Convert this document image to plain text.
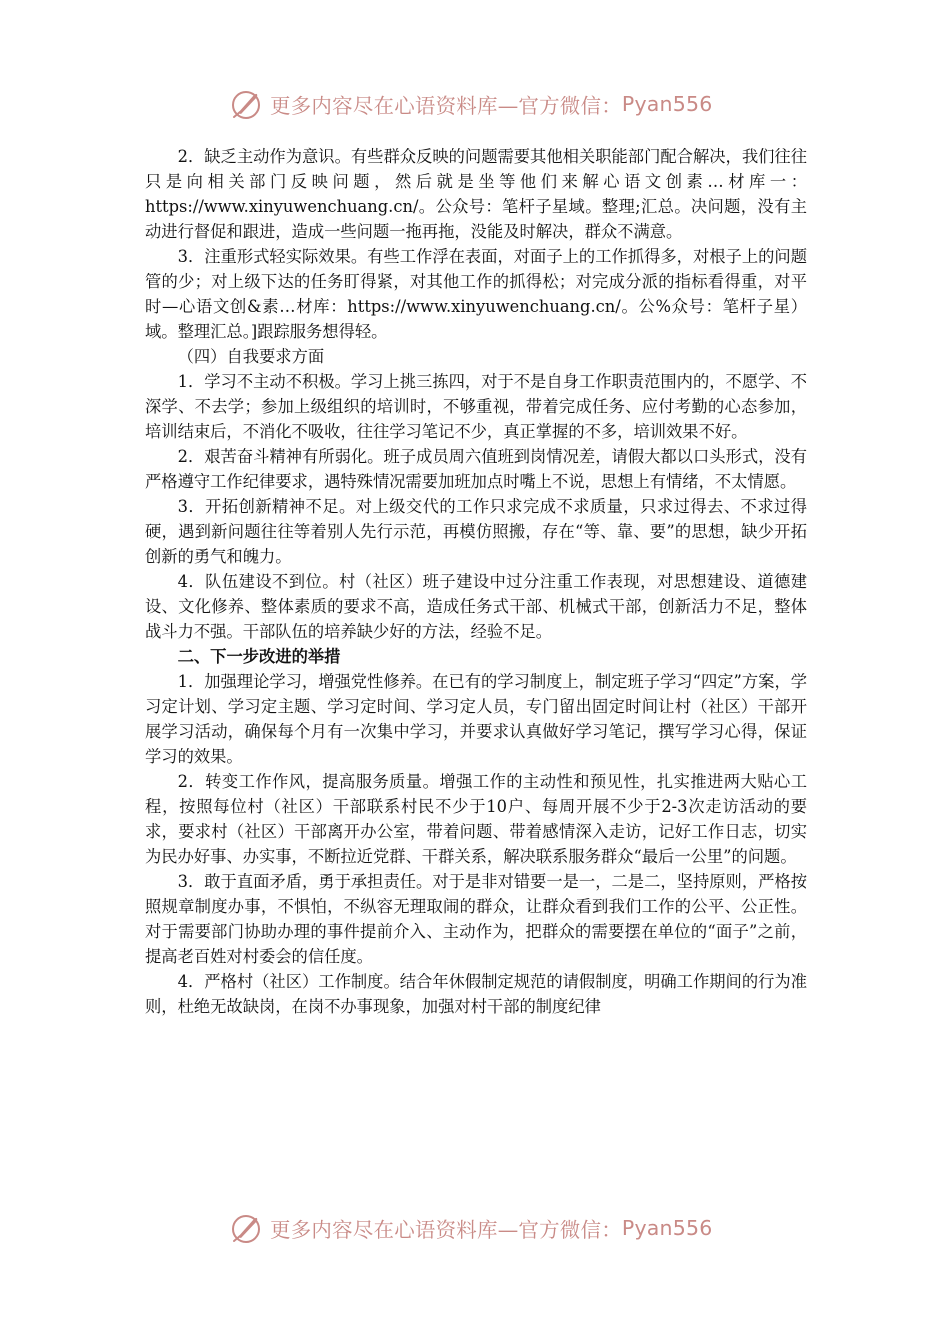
更多内容尽在心语资料库—官方微信： Pyan556

2．缺乏主动作为意识。有些群众反映的问题需要其他相关职能部门配合解决，我们往往只是向相关部门反映问题，然后就是坐等他们来解心语文创素…材库一：https://www.xinyuwenchuang.cn/。公众号：笔杆子星域。整理;汇总。决问题，没有主动进行督促和跟进，造成一些问题一拖再拖，没能及时解决，群众不满意。

3．注重形式轻实际效果。有些工作浮在表面，对面子上的工作抓得多，对根子上的问题管的少；对上级下达的任务盯得紧，对其他工作的抓得松；对完成分派的指标看得重，对平时—心语文创&素…材库：https://www.xinyuwenchuang.cn/。公%众号：笔杆子星）域。整理汇总。]跟踪服务想得轻。

（四）自我要求方面

1．学习不主动不积极。学习上挑三拣四，对于不是自身工作职责范围内的，不愿学、不深学、不去学；参加上级组织的培训时，不够重视，带着完成任务、应付考勤的心态参加，培训结束后，不消化不吸收，往往学习笔记不少，真正掌握的不多，培训效果不好。

2．艰苦奋斗精神有所弱化。班子成员周六值班到岗情况差，请假大都以口头形式，没有严格遵守工作纪律要求，遇特殊情况需要加班加点时嘴上不说，思想上有情绪，不太情愿。

3．开拓创新精神不足。对上级交代的工作只求完成不求质量，只求过得去、不求过得硬，遇到新问题往往等着别人先行示范，再模仿照搬，存在“等、靠、要”的思想，缺少开拓创新的勇气和魄力。

4．队伍建设不到位。村（社区）班子建设中过分注重工作表现，对思想建设、道德建设、文化修养、整体素质的要求不高，造成任务式干部、机械式干部，创新活力不足，整体战斗力不强。干部队伍的培养缺少好的方法，经验不足。

二、下一步改进的举措

1．加强理论学习，增强党性修养。在已有的学习制度上，制定班子学习“四定”方案，学习定计划、学习定主题、学习定时间、学习定人员，专门留出固定时间让村（社区）干部开展学习活动，确保每个月有一次集中学习，并要求认真做好学习笔记，撰写学习心得，保证学习的效果。

2．转变工作作风，提高服务质量。增强工作的主动性和预见性，扎实推进两大贴心工程，按照每位村（社区）干部联系村民不少于10户、每周开展不少于2-3次走访活动的要求，要求村（社区）干部离开办公室，带着问题、带着感情深入走访，记好工作日志，切实为民办好事、办实事，不断拉近党群、干群关系，解决联系服务群众“最后一公里”的问题。

3．敢于直面矛盾，勇于承担责任。对于是非对错要一是一，二是二，坚持原则，严格按照规章制度办事，不惧怕，不纵容无理取闹的群众，让群众看到我们工作的公平、公正性。对于需要部门协助办理的事件提前介入、主动作为，把群众的需要摆在单位的“面子”之前，提高老百姓对村委会的信任度。

4．严格村（社区）工作制度。结合年休假制定规范的请假制度，明确工作期间的行为准则，杜绝无故缺岗，在岗不办事现象，加强对村干部的制度纪律

更多内容尽在心语资料库—官方微信： Pyan556
